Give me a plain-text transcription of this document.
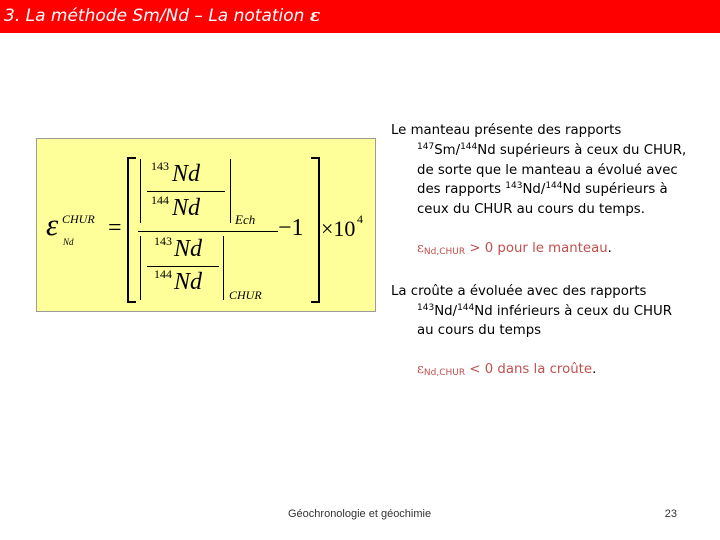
3. La méthode Sm/Nd – La notation ε
ε CHUR
Nd
=
143 Nd
144 Nd	Ech
143 Nd
144 Nd CHUR
−1 ×10 4

Le manteau présente des rapports $^{147}$Sm/$^{144}$Nd supérieurs à ceux du CHUR, de sorte que le manteau a évolué avec des rapports $^{143}$Nd/$^{144}$Nd supérieurs à ceux du CHUR au cours du temps.

$\varepsilon_{Nd,CHUR} > 0$ pour le manteau.

La croûte a évoluée avec des rapports $^{143}$Nd/$^{144}$Nd inférieurs à ceux du CHUR au cours du temps

$\varepsilon_{Nd,CHUR} < 0$ dans la croûte.

Géochronologie et géochimie	23
